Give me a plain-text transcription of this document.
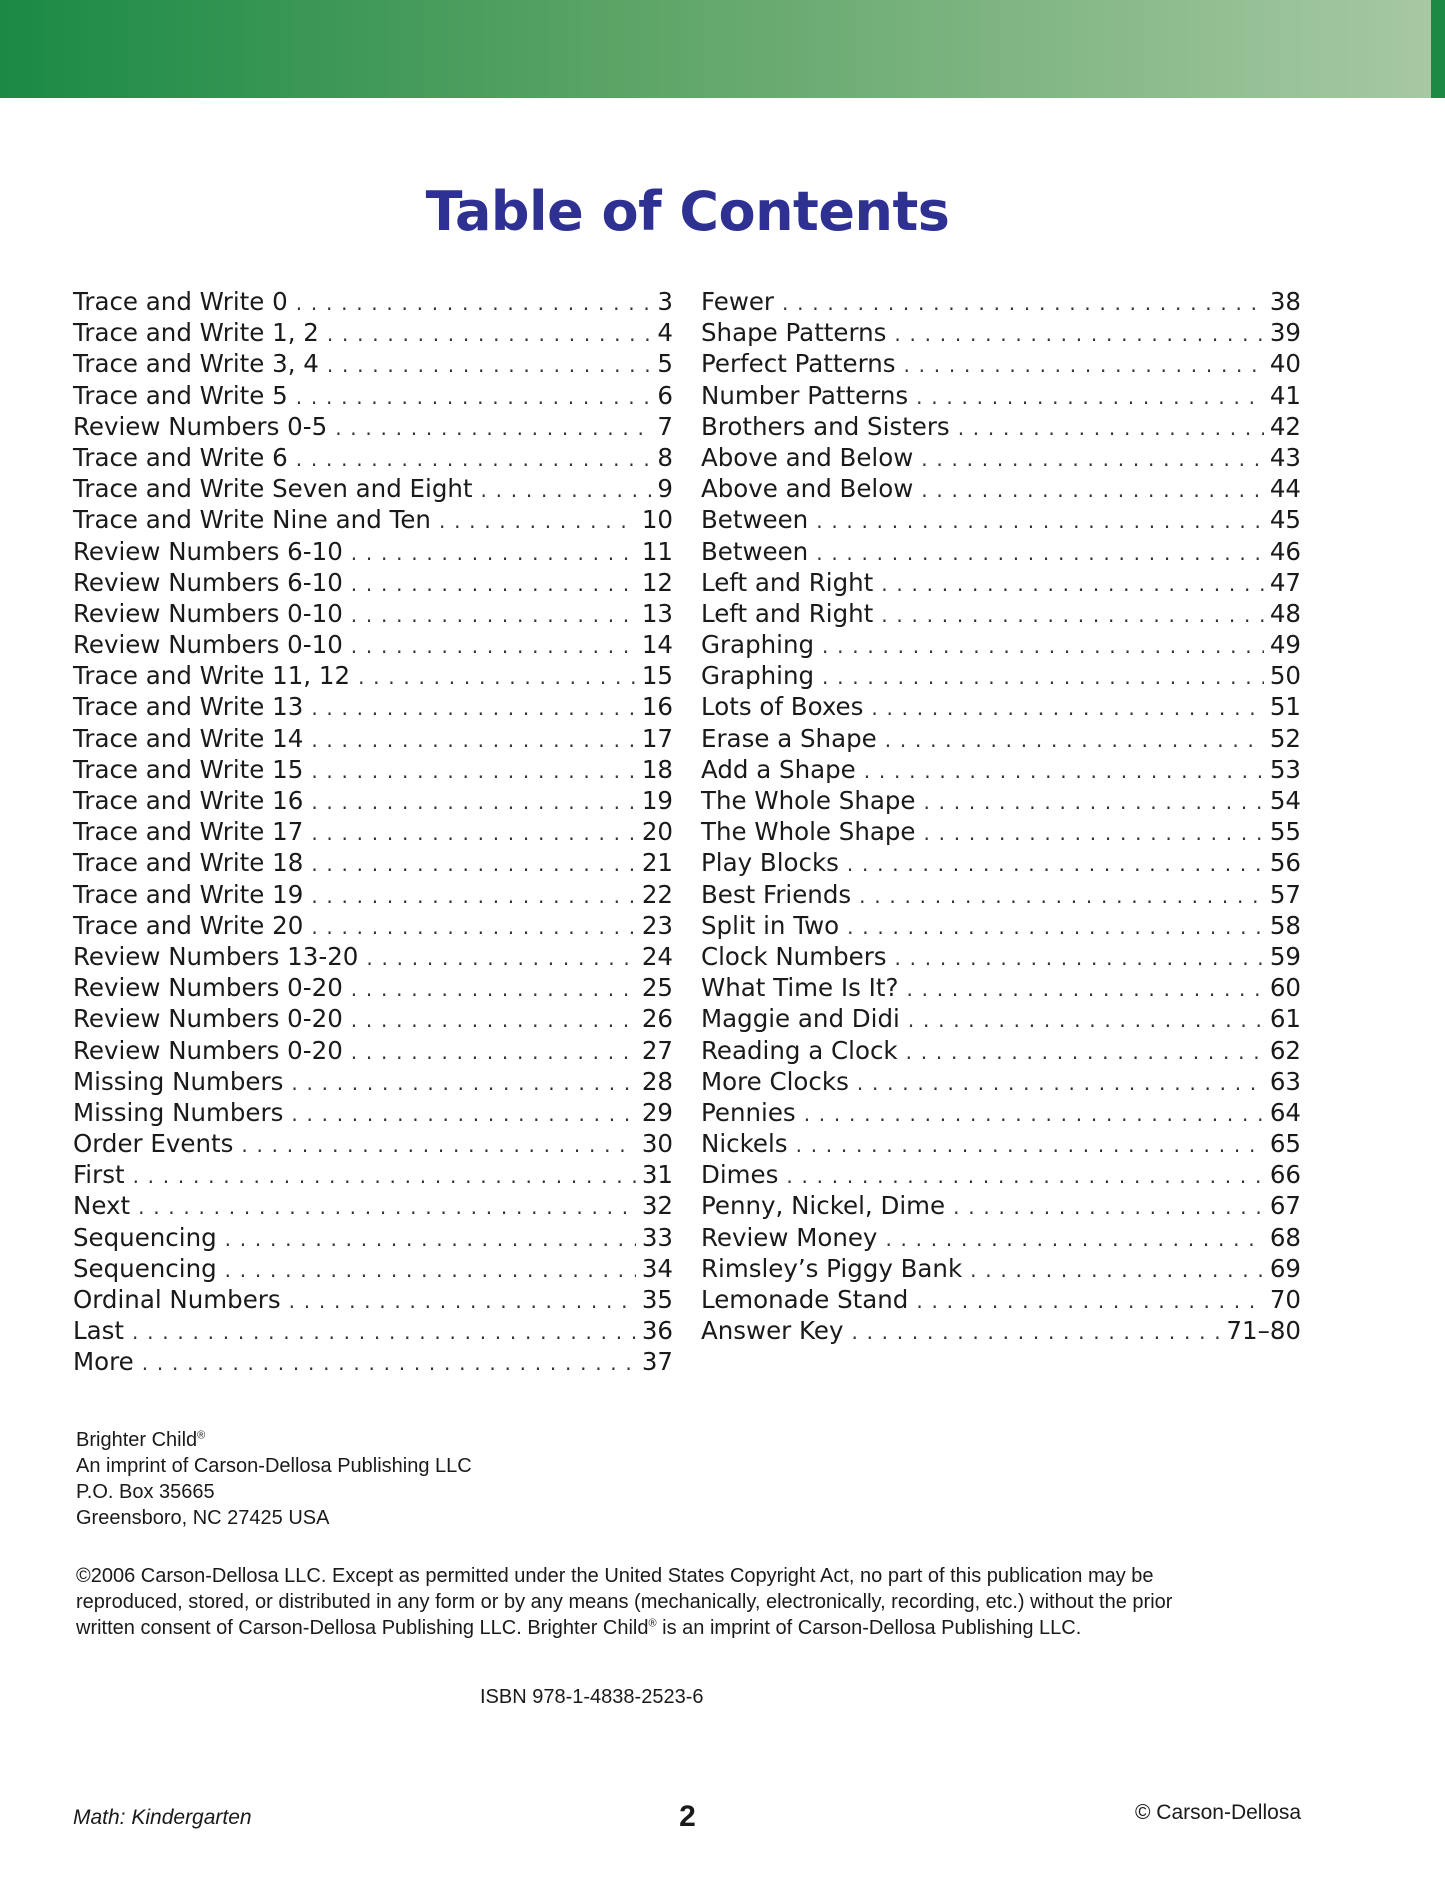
Table of Contents
Trace and Write 0 . . .	3
Trace and Write 1, 2 . . .	4
Trace and Write 3, 4 . . .	5
Trace and Write 5 . . .	6
Review Numbers 0-5 . . .	7
Trace and Write 6 . . .	8
Trace and Write Seven and Eight . . .	9
Trace and Write Nine and Ten . . .	10
Review Numbers 6-10 . . .	11
Review Numbers 6-10 . . .	12
Review Numbers 0-10 . . .	13
Review Numbers 0-10 . . .	14
Trace and Write 11, 12 . . .	15
Trace and Write 13 . . .	16
Trace and Write 14 . . .	17
Trace and Write 15 . . .	18
Trace and Write 16 . . .	19
Trace and Write 17 . . .	20
Trace and Write 18 . . .	21
Trace and Write 19 . . .	22
Trace and Write 20 . . .	23
Review Numbers 13-20 . . .	24
Review Numbers 0-20 . . .	25
Review Numbers 0-20 . . .	26
Review Numbers 0-20 . . .	27
Missing Numbers . . .	28
Missing Numbers . . .	29
Order Events . . .	30
First . . .	31
Next . . .	32
Sequencing . . .	33
Sequencing . . .	34
Ordinal Numbers . . .	35
Last . . .	36
More . . .	37
Fewer . . .	38
Shape Patterns . . .	39
Perfect Patterns . . .	40
Number Patterns . . .	41
Brothers and Sisters . . .	42
Above and Below . . .	43
Above and Below . . .	44
Between . . .	45
Between . . .	46
Left and Right . . .	47
Left and Right . . .	48
Graphing . . .	49
Graphing . . .	50
Lots of Boxes . . .	51
Erase a Shape . . .	52
Add a Shape . . .	53
The Whole Shape . . .	54
The Whole Shape . . .	55
Play Blocks . . .	56
Best Friends . . .	57
Split in Two . . .	58
Clock Numbers . . .	59
What Time Is It? . . .	60
Maggie and Didi . . .	61
Reading a Clock . . .	62
More Clocks . . .	63
Pennies . . .	64
Nickels . . .	65
Dimes . . .	66
Penny, Nickel, Dime . . .	67
Review Money . . .	68
Rimsley’s Piggy Bank . . .	69
Lemonade Stand . . .	70
Answer Key . . .	71–80

Brighter Child®

An imprint of Carson-Dellosa Publishing LLC

P.O. Box 35665

Greensboro, NC 27425 USA

©2006 Carson-Dellosa LLC. Except as permitted under the United States Copyright Act, no part of this publication may be reproduced, stored, or distributed in any form or by any means (mechanically, electronically, recording, etc.) without the prior written consent of Carson-Dellosa Publishing LLC. Brighter Child® is an imprint of Carson-Dellosa Publishing LLC.

ISBN 978-1-4838-2523-6

Math: Kindergarten	2	© Carson-Dellosa
